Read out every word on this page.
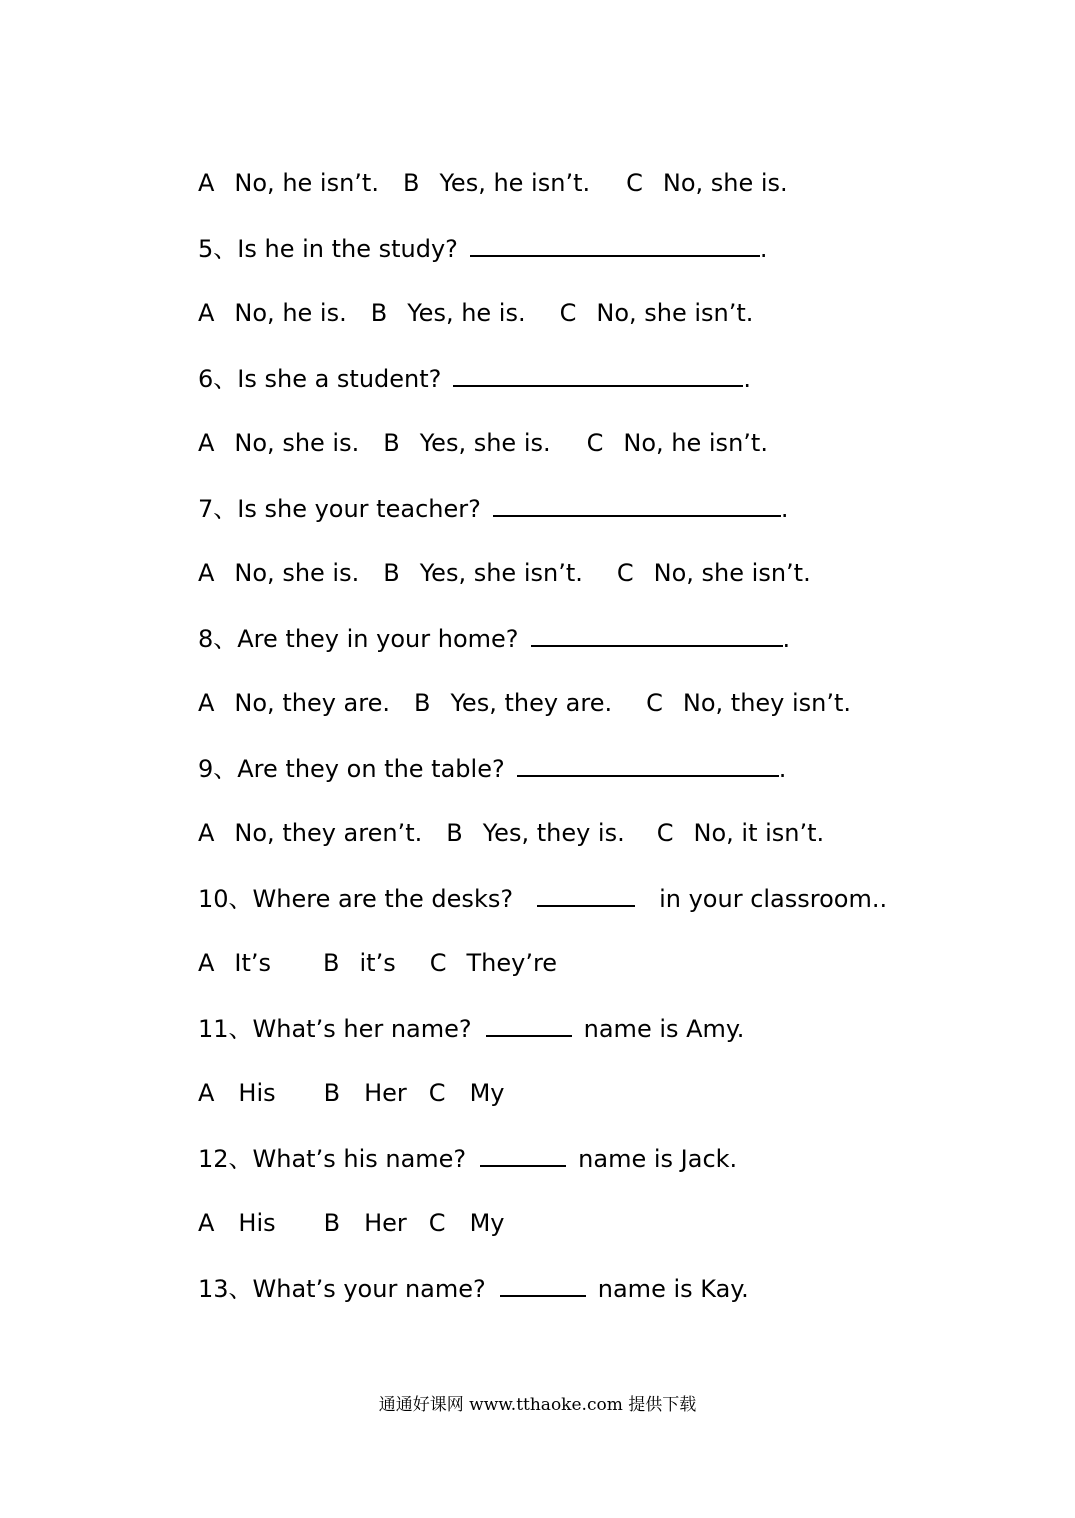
A No, he isn’t. B Yes, he isn’t. C No, she is.
5、Is he in the study?	.
A No, he is. B Yes, he is. C No, she isn’t.
6、Is she a student?	.
A No, she is. B Yes, she is. C No, he isn’t.
7、Is she your teacher?	.
A No, she is. B Yes, she isn’t. C No, she isn’t.
8、Are they in your home?	.
A No, they are. B Yes, they are. C No, they isn’t.
9、Are they on the table?	.
A No, they aren’t. B Yes, they is. C No, it isn’t.
10、Where are the desks?	in your classroom..
A It’s B it’s C They’re
11、What’s her name?	name is Amy.
A His B Her C My
12、What’s his name?	name is Jack.
A His B Her C My
13、What’s your name?	name is Kay.
通通好课网 www.tthaoke.com 提供下载
